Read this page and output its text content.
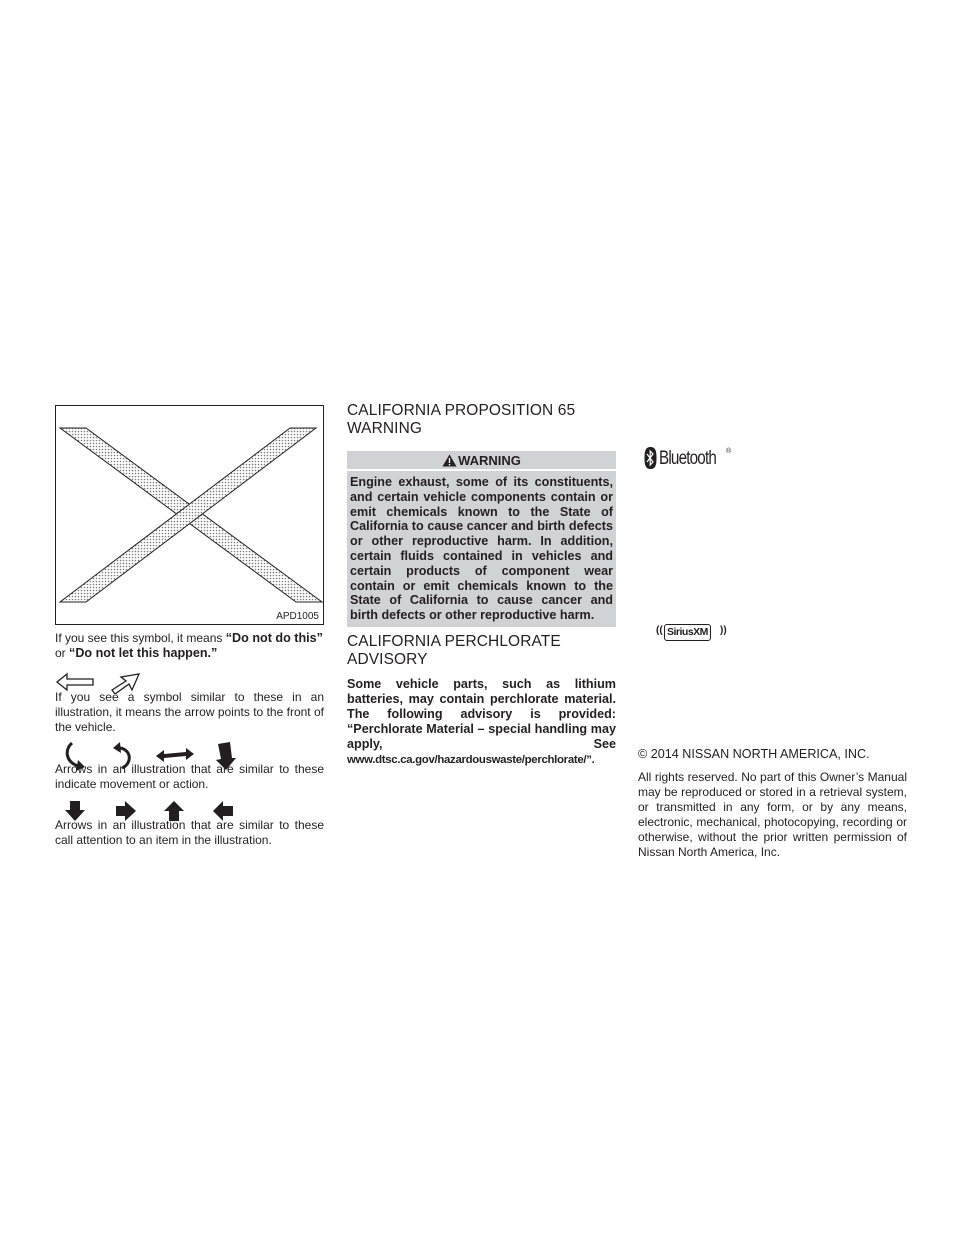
APD1005
If you see this symbol, it means “Do not do this”
or “Do not let this happen.”
If you see a symbol similar to these in an illustration, it means the arrow points to the front of the vehicle.
Arrows in an illustration that are similar to these indicate movement or action.
Arrows in an illustration that are similar to these call attention to an item in the illustration.
CALIFORNIA PROPOSITION 65 WARNING
WARNING
Engine exhaust, some of its constituents, and certain vehicle components contain or emit chemicals known to the State of California to cause cancer and birth defects or other reproductive harm. In addition, certain fluids contained in vehicles and certain products of component wear contain or emit chemicals known to the State of California to cause cancer and birth defects or other reproductive harm.
CALIFORNIA PERCHLORATE ADVISORY
Some vehicle parts, such as lithium batteries, may contain perchlorate material. The following advisory is provided: “Perchlorate Material – special handling may apply, See www.dtsc.ca.gov/hazardouswaste/perchlorate/”.
Bluetooth ®
(( SiriusXM	))
© 2014 NISSAN NORTH AMERICA, INC.
All rights reserved. No part of this Owner’s Manual may be reproduced or stored in a retrieval system, or transmitted in any form, or by any means, electronic, mechanical, photocopying, recording or otherwise, without the prior written permission of Nissan North America, Inc.
